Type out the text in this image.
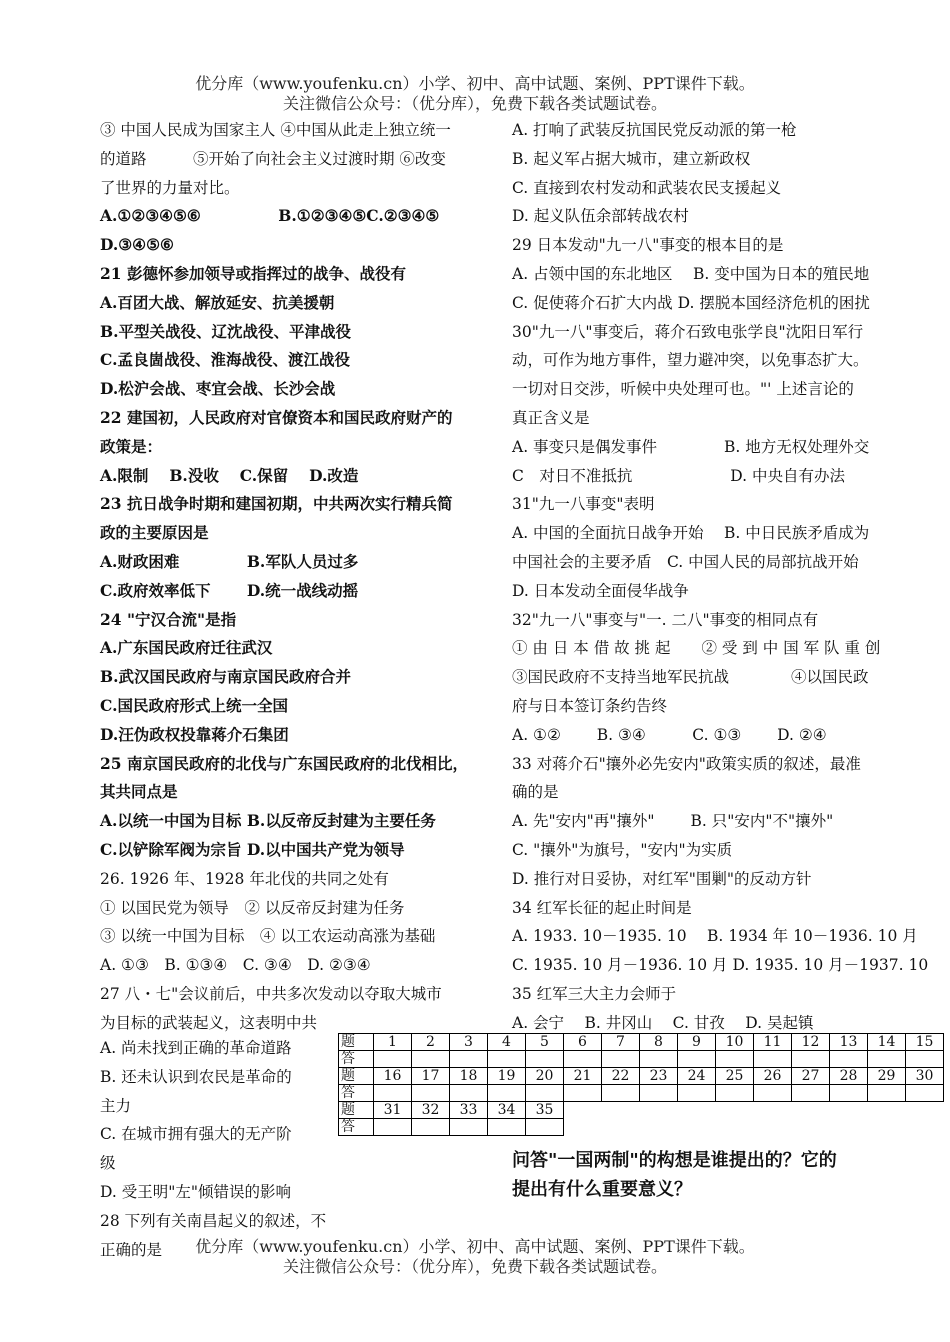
优分库（www.youfenku.cn）小学、初中、高中试题、案例、PPT课件下载。
关注微信公众号：（优分库），免费下载各类试题试卷。
③ 中国人民成为国家主人 ④中国从此走上独立统一
的道路　　　⑤开始了向社会主义过渡时期 ⑥改变
了世界的力量对比。
A.①②③④⑤⑥　　　　　B.①②③④⑤C.②③④⑤
D.③④⑤⑥
21 彭德怀参加领导或指挥过的战争、战役有
A.百团大战、解放延安、抗美援朝
B.平型关战役、辽沈战役、平津战役
C.孟良崮战役、淮海战役、渡江战役
D.松沪会战、枣宜会战、长沙会战
22 建国初，人民政府对官僚资本和国民政府财产的
政策是：
A.限制　 B.没收　 C.保留　 D.改造
23 抗日战争时期和建国初期，中共两次实行精兵简
政的主要原因是
A.财政困难　　　　 B.军队人员过多
C.政府效率低下　　 D.统一战线动摇
24 "宁汉合流"是指
A.广东国民政府迁往武汉
B.武汉国民政府与南京国民政府合并
C.国民政府形式上统一全国
D.汪伪政权投靠蒋介石集团
25 南京国民政府的北伐与广东国民政府的北伐相比，
其共同点是
A.以统一中国为目标 B.以反帝反封建为主要任务
C.以铲除军阀为宗旨 D.以中国共产党为领导
26. 1926 年、1928 年北伐的共同之处有
① 以国民党为领导　② 以反帝反封建为任务
③ 以统一中国为目标　④ 以工农运动高涨为基础
A. ①③　B. ①③④　C. ③④　D. ②③④
27 八・七"会议前后，中共多次发动以夺取大城市
为目标的武装起义，这表明中共
A. 打响了武装反抗国民党反动派的第一枪
B. 起义军占据大城市，建立新政权
C. 直接到农村发动和武装农民支援起义
D. 起义队伍余部转战农村
29 日本发动"九一八"事变的根本目的是
A. 占领中国的东北地区　 B. 变中国为日本的殖民地
C. 促使蒋介石扩大内战 D. 摆脱本国经济危机的困扰
30"九一八"事变后，蒋介石致电张学良"沈阳日军行
动，可作为地方事件，望力避冲突，以免事态扩大。
一切对日交涉，听候中央处理可也。"' 上述言论的
真正含义是
A. 事变只是偶发事件　　　　 B. 地方无权处理外交
C　对日不准抵抗　　　　　　 D. 中央自有办法
31"九一八事变"表明
A. 中国的全面抗日战争开始　 B. 中日民族矛盾成为
中国社会的主要矛盾　C. 中国人民的局部抗战开始
D. 日本发动全面侵华战争
32"九一八"事变与"一. 二八"事变的相同点有
① 由 日 本 借 故 挑 起　　② 受 到 中 国 军 队 重 创
③国民政府不支持当地军民抗战　　　　④以国民政
府与日本签订条约告终
A. ①②　　 B. ③④　　　C. ①③　　 D. ②④
33 对蒋介石"攘外必先安内"政策实质的叙述，最准
确的是
A. 先"安内"再"攘外"　　 B. 只"安内"不"攘外"
C. "攘外"为旗号，"安内"为实质
D. 推行对日妥协，对红军"围剿"的反动方针
34 红军长征的起止时间是
A. 1933. 10－1935. 10　 B. 1934 年 10－1936. 10 月
C. 1935. 10 月－1936. 10 月 D. 1935. 10 月－1937. 10
35 红军三大主力会师于
A. 会宁　 B. 井冈山　 C. 甘孜　 D. 吴起镇
A. 尚未找到正确的革命道路
B. 还未认识到农民是革命的
主力
C. 在城市拥有强大的无产阶
级
D. 受王明"左"倾错误的影响
28 下列有关南昌起义的叙述，不正确的是
题	1	2	3	4	5	6	7	8	9	10	11	12	13	14	15
答															
题	16	17	18	19	20	21	22	23	24	25	26	27	28	29	30
答															
题	31	32	33	34	35										
答															
问答"一国两制"的构想是谁提出的？它的
提出有什么重要意义？
优分库（www.youfenku.cn）小学、初中、高中试题、案例、PPT课件下载。
关注微信公众号：（优分库），免费下载各类试题试卷。
